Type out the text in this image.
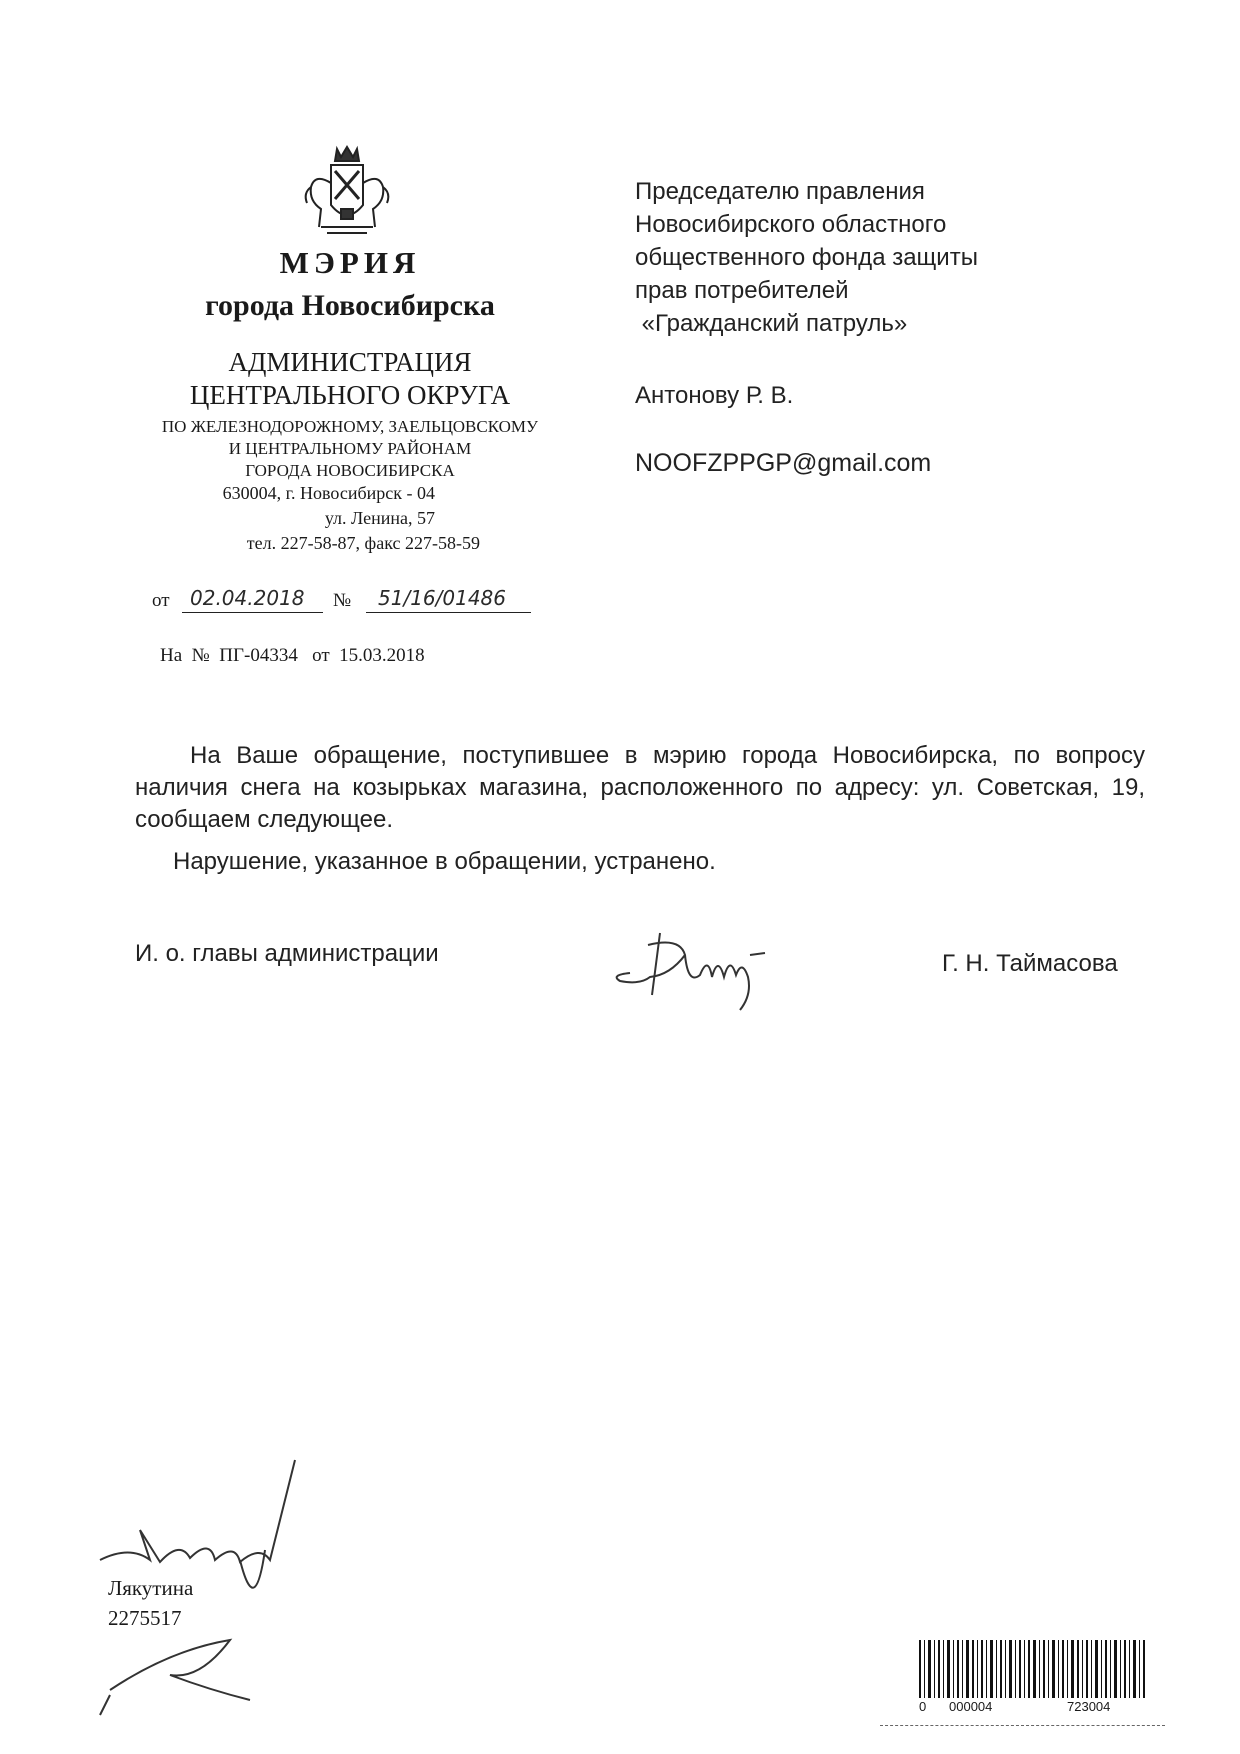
МЭРИЯ
города Новосибирска
АДМИНИСТРАЦИЯ
ЦЕНТРАЛЬНОГО ОКРУГА
ПО ЖЕЛЕЗНОДОРОЖНОМУ, ЗАЕЛЬЦОВСКОМУ
И ЦЕНТРАЛЬНОМУ РАЙОНАМ
ГОРОДА НОВОСИБИРСКА
630004, г. Новосибирск - 04
ул. Ленина, 57
тел. 227-58-87, факс 227-58-59
от 02.04.2018 № 51/16/01486
На  №  ПГ-04334   от  15.03.2018
Председателю правления
Новосибирского областного
общественного фонда защиты
прав потребителей
«Гражданский патруль»
Антонову Р. В.
NOOFZPPGP@gmail.com

На Ваше обращение, поступившее в мэрию города Новосибирска, по вопросу наличия снега на козырьках магазина, расположенного по адресу: ул. Советская, 19, сообщаем следующее.

Нарушение, указанное в обращении, устранено.
И. о. главы администрации	Г. Н. Таймасова
Лякутина
2275517
0 000004	723004
